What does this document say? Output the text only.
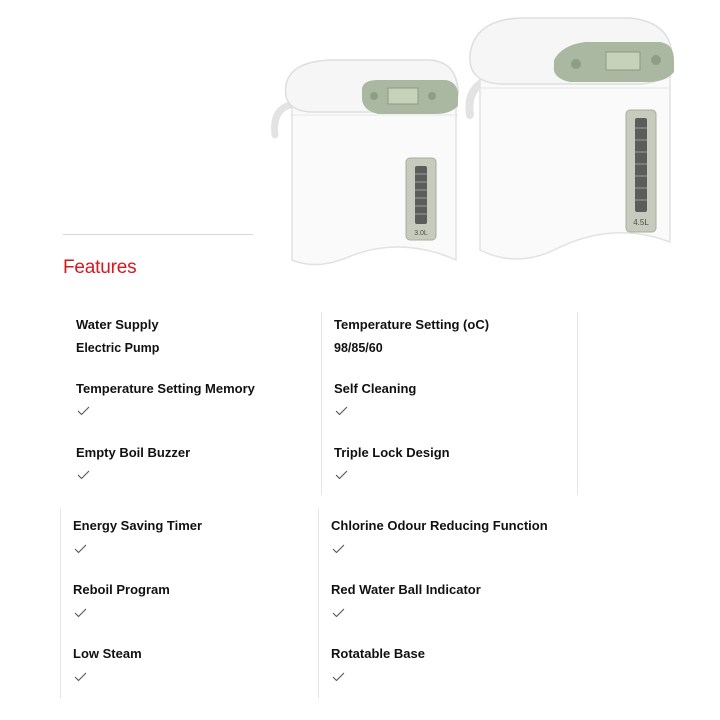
3.0L
4.5L
Features
Water Supply
Electric Pump
Temperature Setting Memory
Empty Boil Buzzer
Temperature Setting (oC)
98/85/60
Self Cleaning
Triple Lock Design
Energy Saving Timer
Reboil Program
Low Steam
Chlorine Odour Reducing Function
Red Water Ball Indicator
Rotatable Base
